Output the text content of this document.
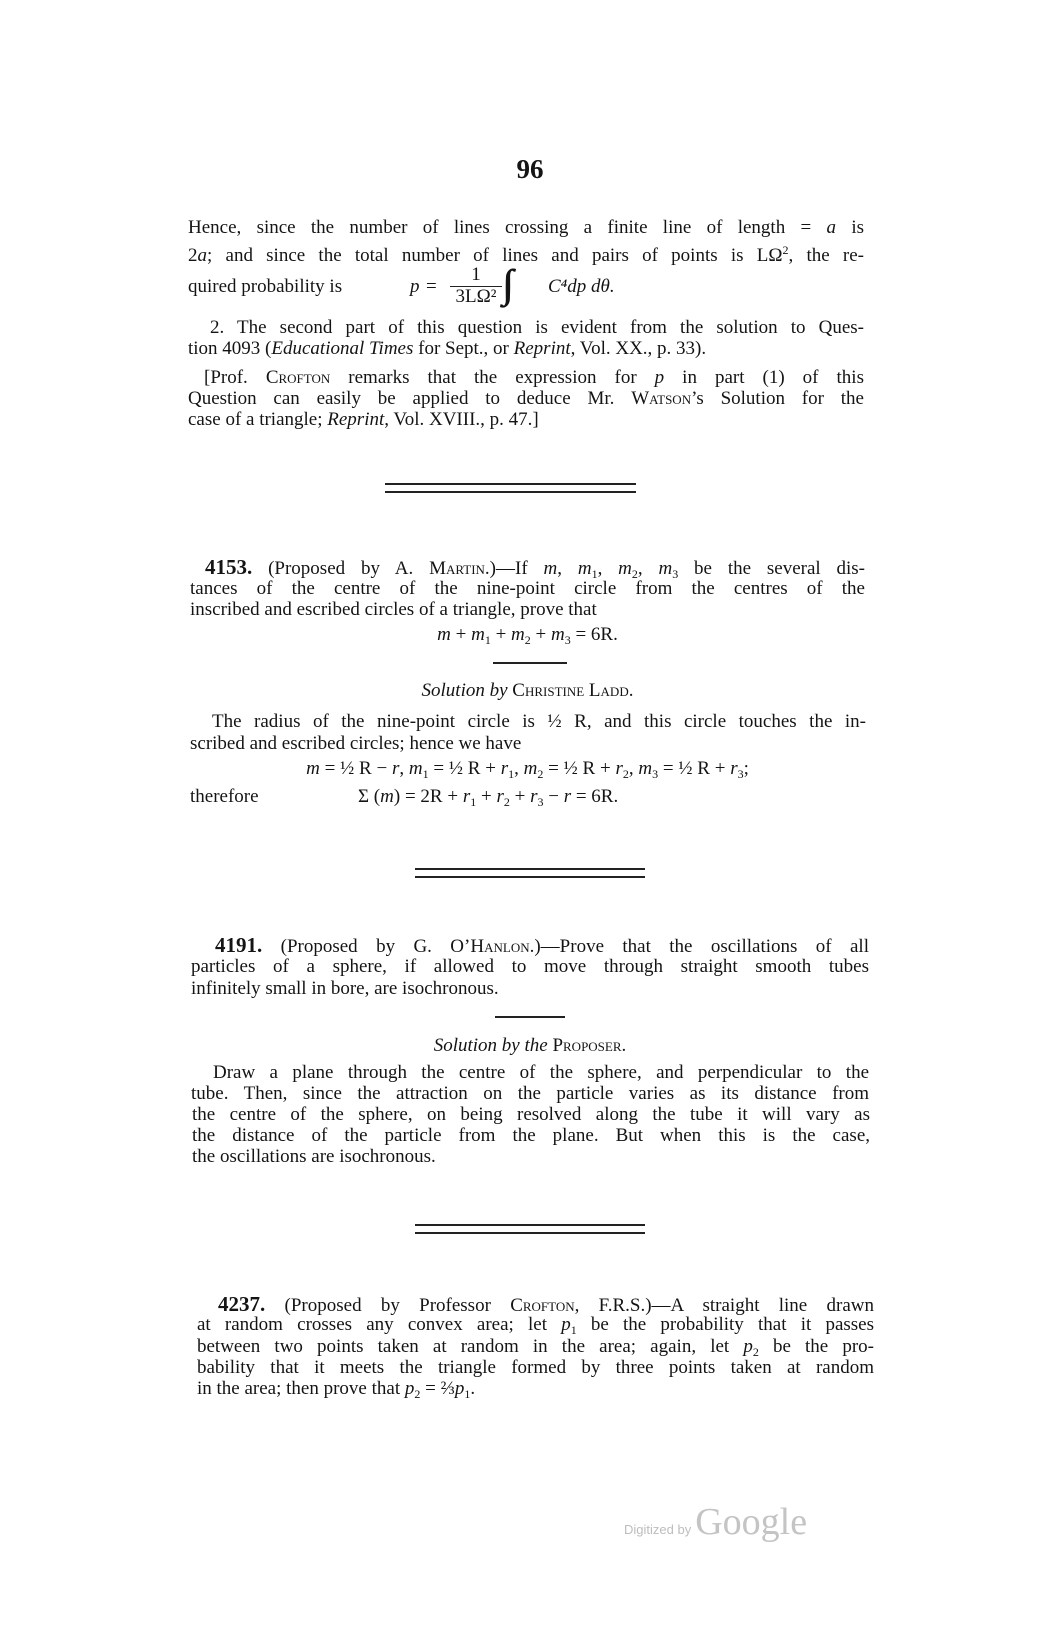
96
quired probability is	$p = \frac{1}{\text{3LΩ²}}$ ∫∫ C⁴dp dθ.
Hence, since the number of lines crossing a finite line of length = a is
2a; and since the total number of lines and pairs of points is $L\Omega^2$, the re-
2. The second part of this question is evident from the solution to Ques-
tion 4093 (Educational Times for Sept., or Reprint, Vol. XX., p. 33).
[Prof. Crofton remarks that the expression for p in part (1) of this
Question can easily be applied to deduce Mr. Watson’s Solution for the
case of a triangle; Reprint, Vol. XVIII., p. 47.]
4153. (Proposed by A. Martin.)—If m, $m_1$, $m_2$, $m_3$ be the several dis-
tances of the centre of the nine-point circle from the centres of the
inscribed and escribed circles of a triangle, prove that
$m + m_1 + m_2 + m_3 = 6R$.
Solution by Christine Ladd.
The radius of the nine-point circle is ½ R, and this circle touches the in-
scribed and escribed circles; hence we have
m = ½ R − r, $m_1$ = ½ $R + r_1$, $m_2$ = ½ $R + r_2$, $m_3$ = ½ $R + r_3$;
therefore	Σ $(m) = 2R + r_1 + r_2 + r_3 - r = 6R$.
4191. (Proposed by G. O’Hanlon.)—Prove that the oscillations of all
particles of a sphere, if allowed to move through straight smooth tubes
infinitely small in bore, are isochronous.
Solution by the Proposer.
Draw a plane through the centre of the sphere, and perpendicular to the
tube. Then, since the attraction on the particle varies as its distance from
the centre of the sphere, on being resolved along the tube it will vary as
the distance of the particle from the plane. But when this is the case,
the oscillations are isochronous.
4237. (Proposed by Professor Crofton, F.R.S.)—A straight line drawn
at random crosses any convex area; let $p_1$ be the probability that it passes
between two points taken at random in the area; again, let $p_2$ be the pro-
bability that it meets the triangle formed by three points taken at random
in the area; then prove that $p_2$ = $\frac{2}{3}p_1$.
Digitized by Google
